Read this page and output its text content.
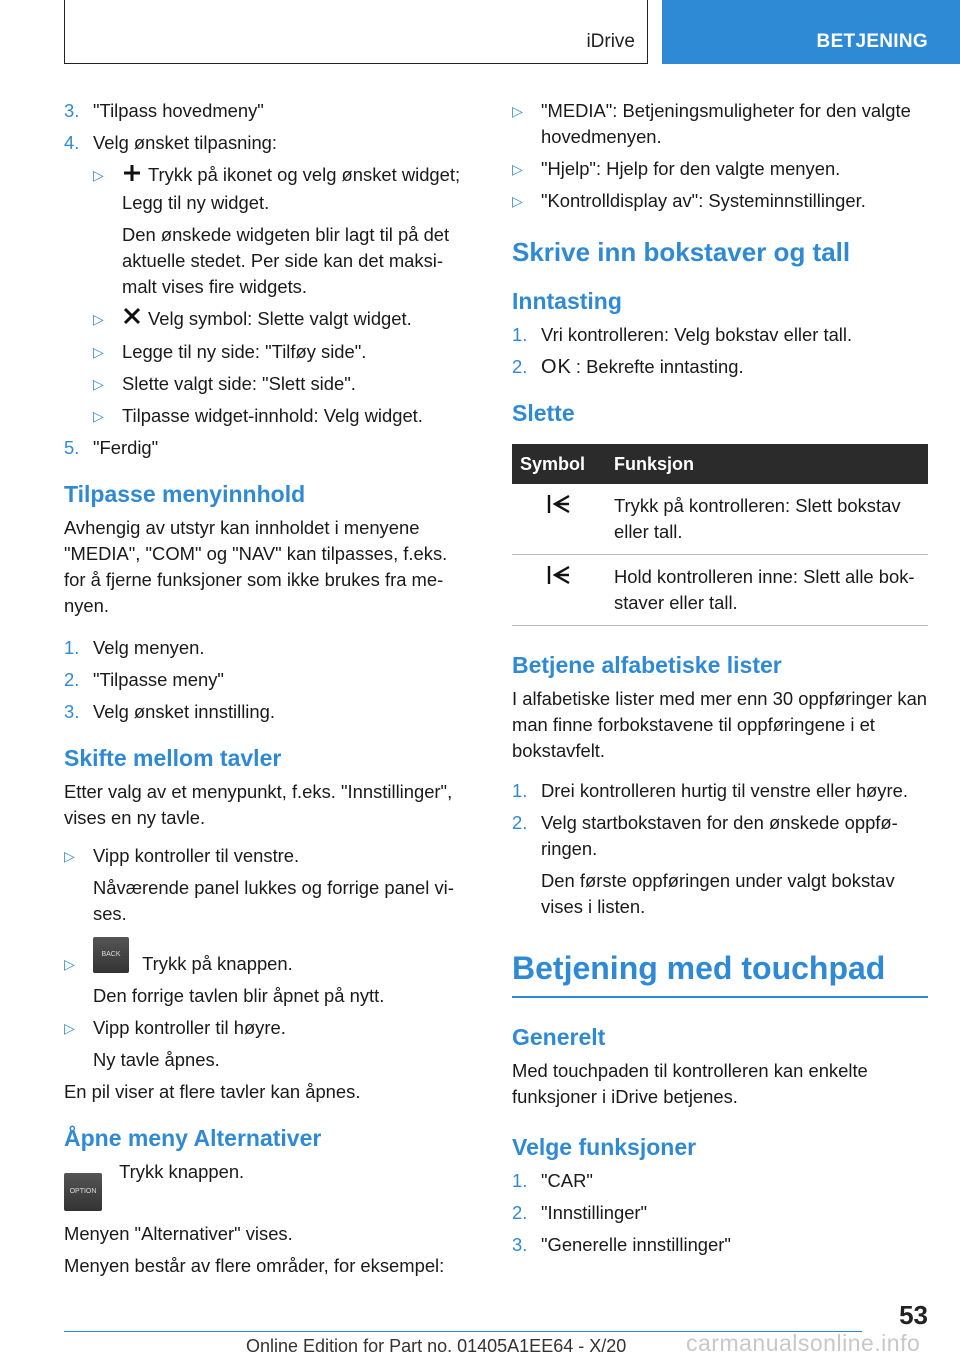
iDrive	BETJENING
3. "Tilpass hovedmeny"
4. Velg ønsket tilpasning:
▷ Trykk på ikonet og velg ønsket widget; Legg til ny widget.

Den ønskede widgeten blir lagt til på det aktuelle stedet. Per side kan det maksi-malt vises fire widgets.

▷ Velg symbol: Slette valgt widget.
▷ Legge til ny side: "Tilføy side".
▷ Slette valgt side: "Slett side".
▷ Tilpasse widget-innhold: Velg widget.
5. "Ferdig"
Tilpasse menyinnhold

Avhengig av utstyr kan innholdet i menyene "MEDIA", "COM" og "NAV" kan tilpasses, f.eks. for å fjerne funksjoner som ikke brukes fra me-nyen.

1. Velg menyen.
2. "Tilpasse meny"
3. Velg ønsket innstilling.
Skifte mellom tavler

Etter valg av et menypunkt, f.eks. "Innstillinger", vises en ny tavle.

▷ Vipp kontroller til venstre.

Nåværende panel lukkes og forrige panel vi-ses.

▷
BACK Trykk på knappen.

Den forrige tavlen blir åpnet på nytt.

▷ Vipp kontroller til høyre.

Ny tavle åpnes.

En pil viser at flere tavler kan åpnes.

Åpne meny Alternativer
OPTION Trykk knappen.

Menyen "Alternativer" vises.

Menyen består av flere områder, for eksempel:

▷ "MEDIA": Betjeningsmuligheter for den valgte hovedmenyen.
▷ "Hjelp": Hjelp for den valgte menyen.
▷ "Kontrolldisplay av": Systeminnstillinger.
Skrive inn bokstaver og tall
Inntasting
1. Vri kontrolleren: Velg bokstav eller tall.
2. OK : Bekrefte inntasting.
Slette
Symbol	Funksjon
	Trykk på kontrolleren: Slett bokstav eller tall.
	Hold kontrolleren inne: Slett alle bok-staver eller tall.
Betjene alfabetiske lister

I alfabetiske lister med mer enn 30 oppføringer kan man finne forbokstavene til oppføringene i et bokstavfelt.

1. Drei kontrolleren hurtig til venstre eller høyre.
2. Velg startbokstaven for den ønskede oppfø-ringen.

Den første oppføringen under valgt bokstav vises i listen.

Betjening med touchpad
Generelt

Med touchpaden til kontrolleren kan enkelte funksjoner i iDrive betjenes.

Velge funksjoner
1. "CAR"
2. "Innstillinger"
3. "Generelle innstillinger"
53
Online Edition for Part no. 01405A1EE64 - X/20	carmanualsonline.info
